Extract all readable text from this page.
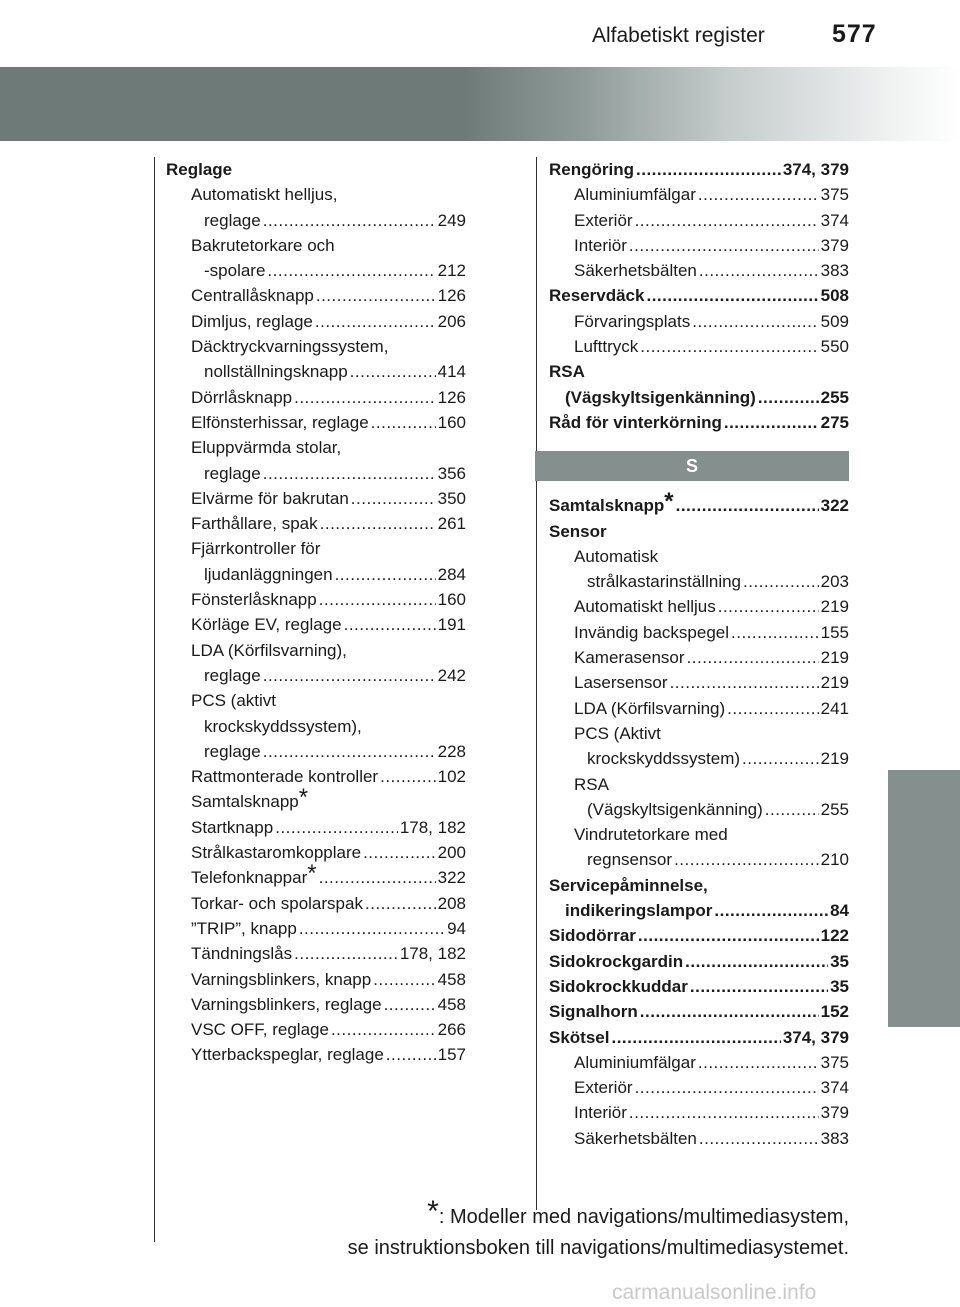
Alfabetiskt register	577
Reglage
Automatiskt helljus,
reglage .....	249
Bakrutetorkare och
-spolare .....	212
Centrallåsknapp .....	126
Dimljus, reglage .....	206
Däcktryckvarningssystem,
nollställningsknapp .....	414
Dörrlåsknapp .....	126
Elfönsterhissar, reglage .....	160
Eluppvärmda stolar,
reglage .....	356
Elvärme för bakrutan .....	350
Farthållare, spak .....	261
Fjärrkontroller för
ljudanläggningen .....	284
Fönsterlåsknapp .....	160
Körläge EV, reglage .....	191
LDA (Körfilsvarning),
reglage .....	242
PCS (aktivt
krockskyddssystem),
reglage .....	228
Rattmonterade kontroller .....	102
Samtalsknapp*
Startknapp .....	178, 182
Strålkastaromkopplare .....	200
Telefonknappar* .....	322
Torkar- och spolarspak .....	208
”TRIP”, knapp .....	94
Tändningslås .....	178, 182
Varningsblinkers, knapp .....	458
Varningsblinkers, reglage .....	458
VSC OFF, reglage .....	266
Ytterbackspeglar, reglage .....	157
Rengöring .....	374, 379
Aluminiumfälgar .....	375
Exteriör .....	374
Interiör .....	379
Säkerhetsbälten .....	383
Reservdäck .....	508
Förvaringsplats .....	509
Lufttryck .....	550
RSA
(Vägskyltsigenkänning) .....	255
Råd för vinterkörning .....	275
S
Samtalsknapp* .....	322
Sensor
Automatisk
strålkastarinställning .....	203
Automatiskt helljus .....	219
Invändig backspegel .....	155
Kamerasensor .....	219
Lasersensor .....	219
LDA (Körfilsvarning) .....	241
PCS (Aktivt
krockskyddssystem) .....	219
RSA
(Vägskyltsigenkänning) .....	255
Vindrutetorkare med
regnsensor .....	210
Servicepåminnelse,
indikeringslampor .....	84
Sidodörrar .....	122
Sidokrockgardin .....	35
Sidokrockkuddar .....	35
Signalhorn .....	152
Skötsel .....	374, 379
Aluminiumfälgar .....	375
Exteriör .....	374
Interiör .....	379
Säkerhetsbälten .....	383
*: Modeller med navigations/multimediasystem,
se instruktionsboken till navigations/multimediasystemet.
carmanualsonline.info
